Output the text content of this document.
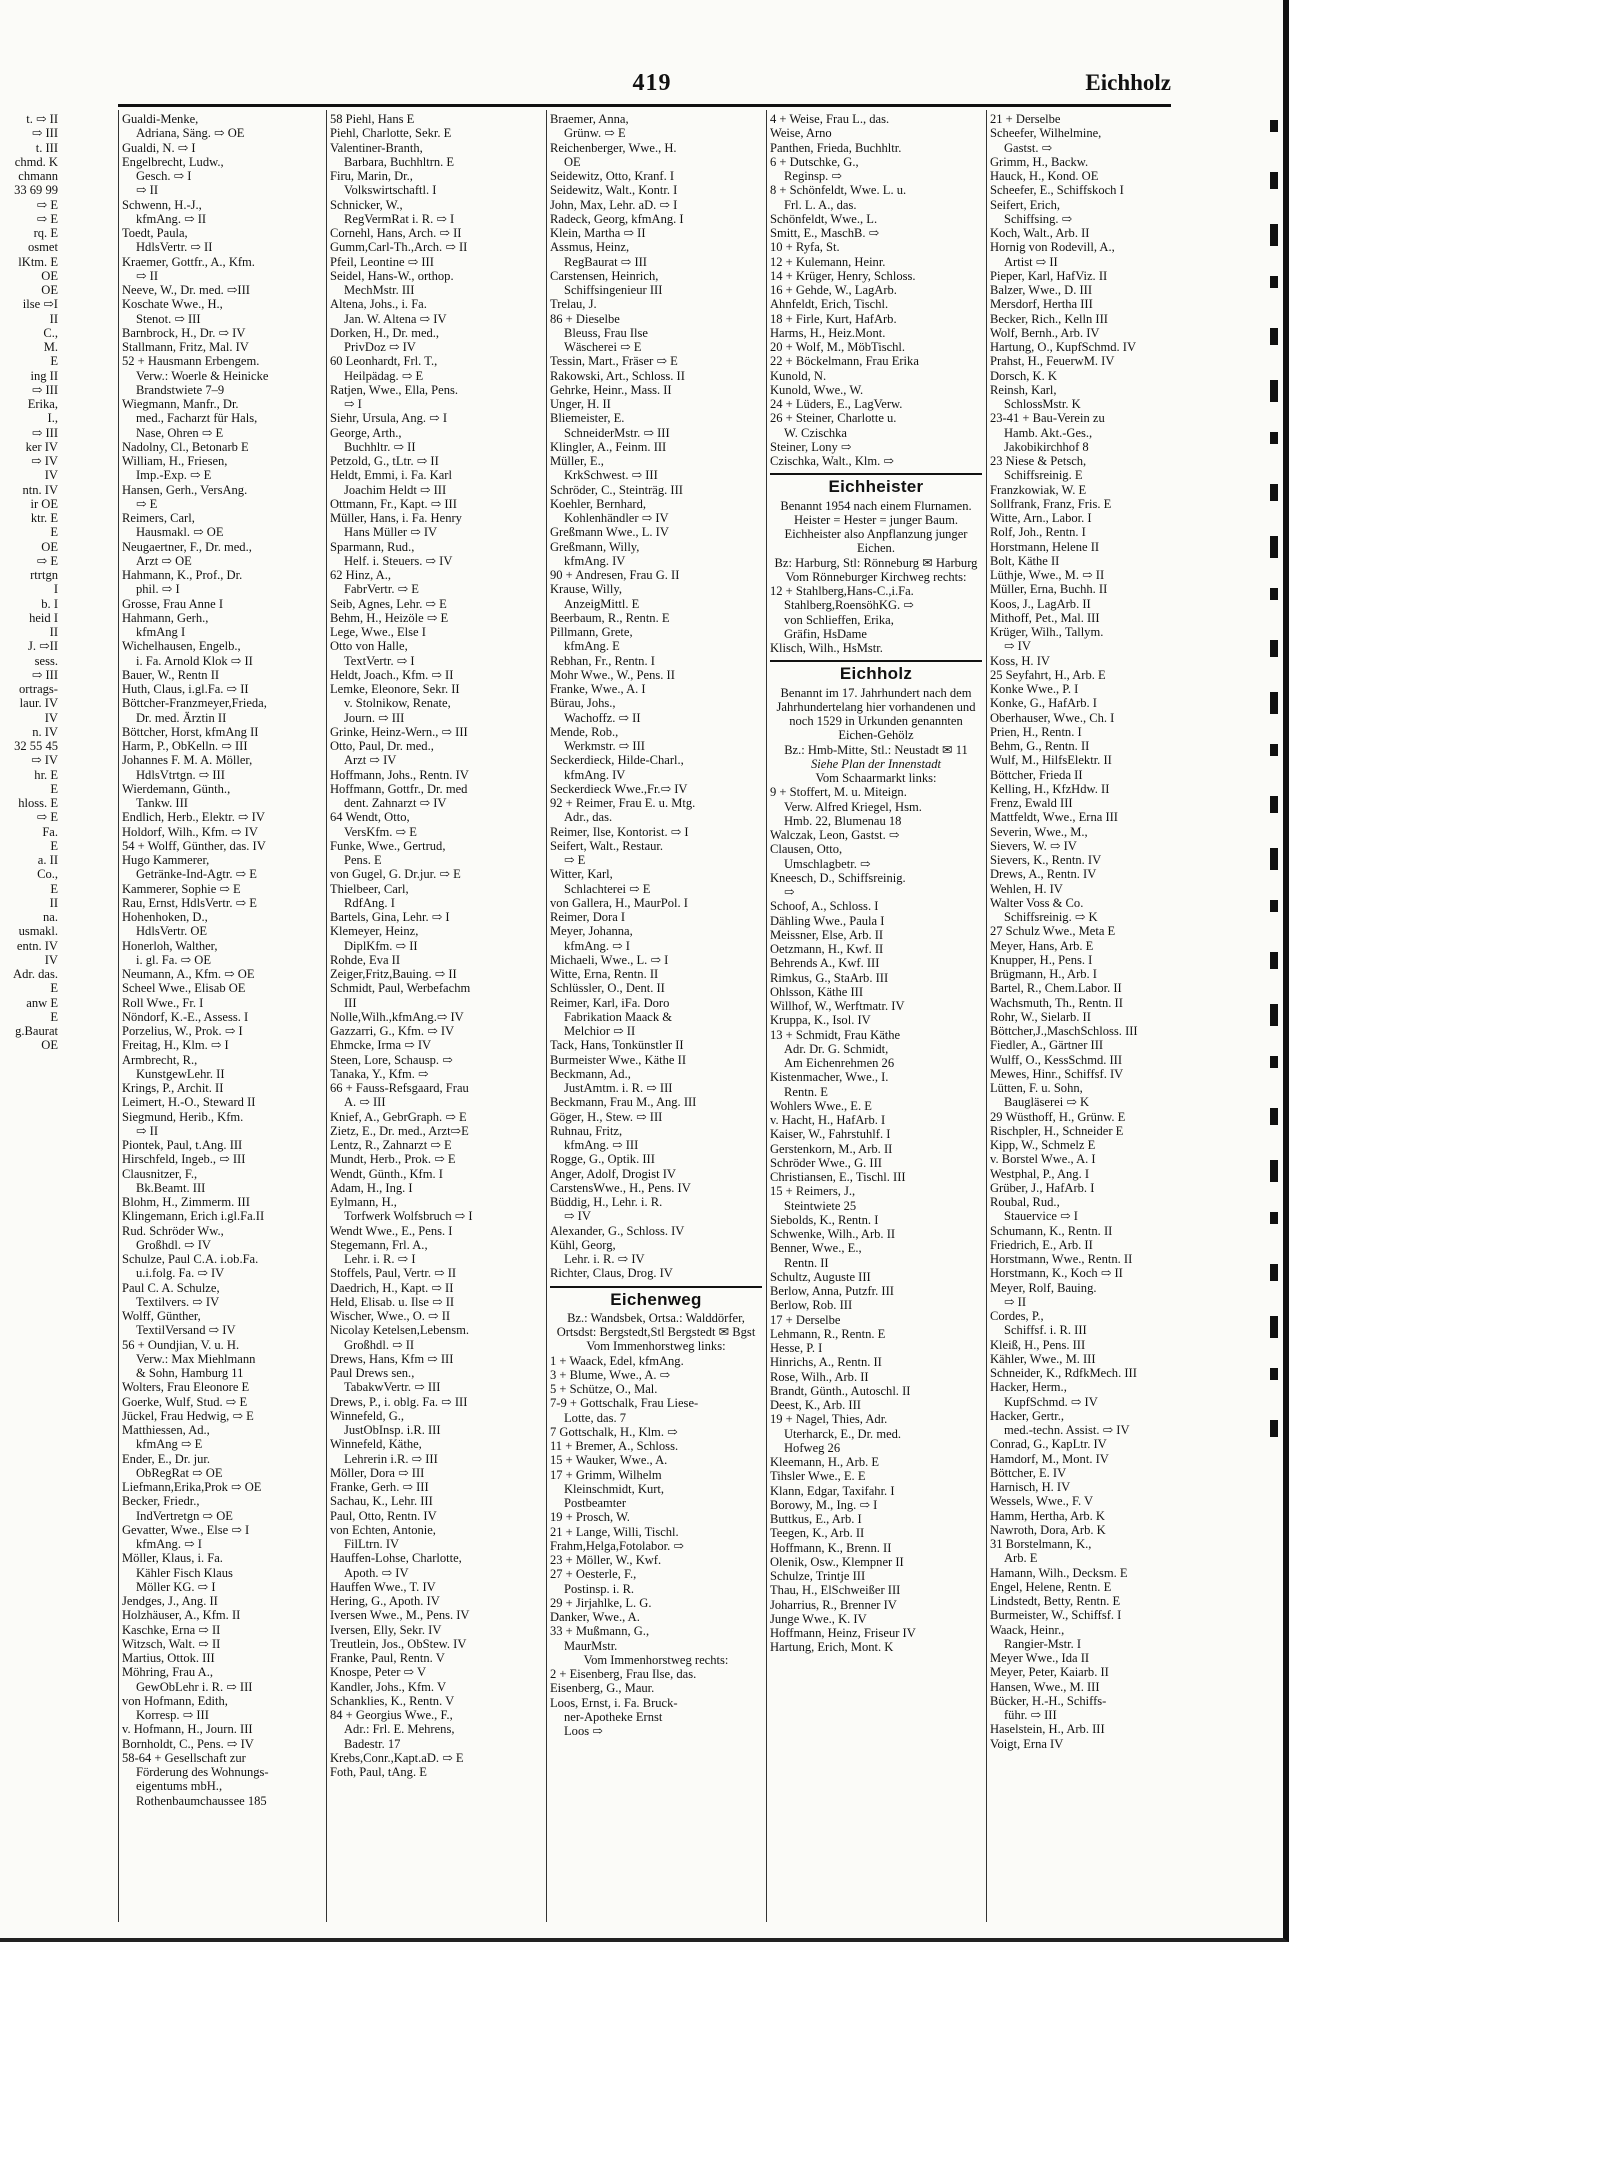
419	Eichholz
t. ⇨ II
⇨ III
t. III
chmd. K
chmann
33 69 99
⇨ E
⇨ E
rq. E
osmet
lKtm. E
OE
OE
ilse ⇨I
II
C.,
M.
E
ing II
⇨ III
Erika,
I.,
⇨ III
ker IV
⇨ IV
IV
ntn. IV
ir OE
ktr. E
E
OE
⇨ E
rtrtgn
I
b. I
heid I
II
J. ⇨II
sess.
⇨ III
ortrags-
laur. IV
IV
n. IV
32 55 45
⇨ IV
hr. E
E
hloss. E
⇨ E
Fa.
E
a. II
Co.,
E
II
na.
usmakl.
entn. IV
IV
Adr. das.
E
anw E
E
g.Baurat
OE
Gualdi-Menke,
Adriana, Säng. ⇨ OE
Gualdi, N. ⇨ I
Engelbrecht, Ludw.,
Gesch. ⇨ I
⇨ II
Schwenn, H.-J.,
kfmAng. ⇨ II
Toedt, Paula,
HdlsVertr. ⇨ II
Kraemer, Gottfr., A., Kfm.
⇨ II
Neeve, W., Dr. med. ⇨III
Koschate Wwe., H.,
Stenot. ⇨ III
Barnbrock, H., Dr. ⇨ IV
Stallmann, Fritz, Mal. IV
52 + Hausmann Erbengem.
Verw.: Woerle & Heinicke
Brandstwiete 7–9
Wiegmann, Manfr., Dr.
med., Facharzt für Hals,
Nase, Ohren ⇨ E
Nadolny, Cl., Betonarb E
William, H., Friesen,
Imp.-Exp. ⇨ E
Hansen, Gerh., VersAng.
⇨ E
Reimers, Carl,
Hausmakl. ⇨ OE
Neugaertner, F., Dr. med.,
Arzt ⇨ OE
Hahmann, K., Prof., Dr.
phil. ⇨ I
Grosse, Frau Anne I
Hahmann, Gerh.,
kfmAng I
Wichelhausen, Engelb.,
i. Fa. Arnold Klok ⇨ II
Bauer, W., Rentn II
Huth, Claus, i.gl.Fa. ⇨ II
Böttcher-Franzmeyer,Frieda,
Dr. med. Ärztin II
Böttcher, Horst, kfmAng II
Harm, P., ObKelln. ⇨ III
Johannes F. M. A. Möller,
HdlsVtrtgn. ⇨ III
Wierdemann, Günth.,
Tankw. III
Endlich, Herb., Elektr. ⇨ IV
Holdorf, Wilh., Kfm. ⇨ IV
54 + Wolff, Günther, das. IV
Hugo Kammerer,
Getränke-Ind-Agtr. ⇨ E
Kammerer, Sophie ⇨ E
Rau, Ernst, HdlsVertr. ⇨ E
Hohenhoken, D.,
HdlsVertr. OE
Honerloh, Walther,
i. gl. Fa. ⇨ OE
Neumann, A., Kfm. ⇨ OE
Scheel Wwe., Elisab OE
Roll Wwe., Fr. I
Nöndorf, K.-E., Assess. I
Porzelius, W., Prok. ⇨ I
Freitag, H., Klm. ⇨ I
Armbrecht, R.,
KunstgewLehr. II
Krings, P., Archit. II
Leimert, H.-O., Steward II
Siegmund, Herib., Kfm.
⇨ II
Piontek, Paul, t.Ang. III
Hirschfeld, Ingeb., ⇨ III
Clausnitzer, F.,
Bk.Beamt. III
Blohm, H., Zimmerm. III
Klingemann, Erich i.gl.Fa.II
Rud. Schröder Ww.,
Großhdl. ⇨ IV
Schulze, Paul C.A. i.ob.Fa.
u.i.folg. Fa. ⇨ IV
Paul C. A. Schulze,
Textilvers. ⇨ IV
Wolff, Günther,
TextilVersand ⇨ IV
56 + Oundjian, V. u. H.
Verw.: Max Miehlmann
& Sohn, Hamburg 11
Wolters, Frau Eleonore E
Goerke, Wulf, Stud. ⇨ E
Jückel, Frau Hedwig, ⇨ E
Matthiessen, Ad.,
kfmAng ⇨ E
Ender, E., Dr. jur.
ObRegRat ⇨ OE
Liefmann,Erika,Prok ⇨ OE
Becker, Friedr.,
IndVertretgn ⇨ OE
Gevatter, Wwe., Else ⇨ I
kfmAng. ⇨ I
Möller, Klaus, i. Fa.
Kähler Fisch Klaus
Möller KG. ⇨ I
Jendges, J., Ang. II
Holzhäuser, A., Kfm. II
Kaschke, Erna ⇨ II
Witzsch, Walt. ⇨ II
Martius, Ottok. III
Möhring, Frau A.,
GewObLehr i. R. ⇨ III
von Hofmann, Edith,
Korresp. ⇨ III
v. Hofmann, H., Journ. III
Bornholdt, C., Pens. ⇨ IV
58-64 + Gesellschaft zur
Förderung des Wohnungs-
eigentums mbH.,
Rothenbaumchaussee 185
58 Piehl, Hans E
Piehl, Charlotte, Sekr. E
Valentiner-Branth,
Barbara, Buchhltrn. E
Firu, Marin, Dr.,
Volkswirtschaftl. I
Schnicker, W.,
RegVermRat i. R. ⇨ I
Cornehl, Hans, Arch. ⇨ II
Gumm,Carl-Th.,Arch. ⇨ II
Pfeil, Leontine ⇨ III
Seidel, Hans-W., orthop.
MechMstr. III
Altena, Johs., i. Fa.
Jan. W. Altena ⇨ IV
Dorken, H., Dr. med.,
PrivDoz ⇨ IV
60 Leonhardt, Frl. T.,
Heilpädag. ⇨ E
Ratjen, Wwe., Ella, Pens.
⇨ I
Siehr, Ursula, Ang. ⇨ I
George, Arth.,
Buchhltr. ⇨ II
Petzold, G., tLtr. ⇨ II
Heldt, Emmi, i. Fa. Karl
Joachim Heldt ⇨ III
Ottmann, Fr., Kapt. ⇨ III
Müller, Hans, i. Fa. Henry
Hans Müller ⇨ IV
Sparmann, Rud.,
Helf. i. Steuers. ⇨ IV
62 Hinz, A.,
FabrVertr. ⇨ E
Seib, Agnes, Lehr. ⇨ E
Behm, H., Heizöle ⇨ E
Lege, Wwe., Else I
Otto von Halle,
TextVertr. ⇨ I
Heldt, Joach., Kfm. ⇨ II
Lemke, Eleonore, Sekr. II
v. Stolnikow, Renate,
Journ. ⇨ III
Grinke, Heinz-Wern., ⇨ III
Otto, Paul, Dr. med.,
Arzt ⇨ IV
Hoffmann, Johs., Rentn. IV
Hoffmann, Gottfr., Dr. med
dent. Zahnarzt ⇨ IV
64 Wendt, Otto,
VersKfm. ⇨ E
Funke, Wwe., Gertrud,
Pens. E
von Gugel, G. Dr.jur. ⇨ E
Thielbeer, Carl,
RdfAng. I
Bartels, Gina, Lehr. ⇨ I
Klemeyer, Heinz,
DiplKfm. ⇨ II
Rohde, Eva II
Zeiger,Fritz,Bauing. ⇨ II
Schmidt, Paul, Werbefachm
III
Nolle,Wilh.,kfmAng.⇨ IV
Gazzarri, G., Kfm. ⇨ IV
Ehmcke, Irma ⇨ IV
Steen, Lore, Schausp. ⇨
Tanaka, Y., Kfm. ⇨
66 + Fauss-Refsgaard, Frau
A. ⇨ III
Knief, A., GebrGraph. ⇨ E
Zietz, E., Dr. med., Arzt⇨E
Lentz, R., Zahnarzt ⇨ E
Mundt, Herb., Prok. ⇨ E
Wendt, Günth., Kfm. I
Adam, H., Ing. I
Eylmann, H.,
Torfwerk Wolfsbruch ⇨ I
Wendt Wwe., E., Pens. I
Stegemann, Frl. A.,
Lehr. i. R. ⇨ I
Stoffels, Paul, Vertr. ⇨ II
Daedrich, H., Kapt. ⇨ II
Held, Elisab. u. Ilse ⇨ II
Wischer, Wwe., O. ⇨ II
Nicolay Ketelsen,Lebensm.
Großhdl. ⇨ II
Drews, Hans, Kfm ⇨ III
Paul Drews sen.,
TabakwVertr. ⇨ III
Drews, P., i. oblg. Fa. ⇨ III
Winnefeld, G.,
JustObInsp. i.R. III
Winnefeld, Käthe,
Lehrerin i.R. ⇨ III
Möller, Dora ⇨ III
Franke, Gerh. ⇨ III
Sachau, K., Lehr. III
Paul, Otto, Rentn. IV
von Echten, Antonie,
FilLtrn. IV
Hauffen-Lohse, Charlotte,
Apoth. ⇨ IV
Hauffen Wwe., T. IV
Hering, G., Apoth. IV
Iversen Wwe., M., Pens. IV
Iversen, Elly, Sekr. IV
Treutlein, Jos., ObStew. IV
Franke, Paul, Rentn. V
Knospe, Peter ⇨ V
Kandler, Johs., Kfm. V
Schanklies, K., Rentn. V
84 + Georgius Wwe., F.,
Adr.: Frl. E. Mehrens,
Badestr. 17
Krebs,Conr.,Kapt.aD. ⇨ E
Foth, Paul, tAng. E
Braemer, Anna,
Grünw. ⇨ E
Reichenberger, Wwe., H.
OE
Seidewitz, Otto, Kranf. I
Seidewitz, Walt., Kontr. I
John, Max, Lehr. aD. ⇨ I
Radeck, Georg, kfmAng. I
Klein, Martha ⇨ II
Assmus, Heinz,
RegBaurat ⇨ III
Carstensen, Heinrich,
Schiffsingenieur III
Trelau, J.
86 + Dieselbe
Bleuss, Frau Ilse
Wäscherei ⇨ E
Tessin, Mart., Fräser ⇨ E
Rakowski, Art., Schloss. II
Gehrke, Heinr., Mass. II
Unger, H. II
Bliemeister, E.
SchneiderMstr. ⇨ III
Klingler, A., Feinm. III
Müller, E.,
KrkSchwest. ⇨ III
Schröder, C., Steinträg. III
Koehler, Bernhard,
Kohlenhändler ⇨ IV
Greßmann Wwe., L. IV
Greßmann, Willy,
kfmAng. IV
90 + Andresen, Frau G. II
Krause, Willy,
AnzeigMittl. E
Beerbaum, R., Rentn. E
Pillmann, Grete,
kfmAng. E
Rebhan, Fr., Rentn. I
Mohr Wwe., W., Pens. II
Franke, Wwe., A. I
Bürau, Johs.,
Wachoffz. ⇨ II
Mende, Rob.,
Werkmstr. ⇨ III
Seckerdieck, Hilde-Charl.,
kfmAng. IV
Seckerdieck Wwe.,Fr.⇨ IV
92 + Reimer, Frau E. u. Mtg.
Adr., das.
Reimer, Ilse, Kontorist. ⇨ I
Seifert, Walt., Restaur.
⇨ E
Witter, Karl,
Schlachterei ⇨ E
von Gallera, H., MaurPol. I
Reimer, Dora I
Meyer, Johanna,
kfmAng. ⇨ I
Michaeli, Wwe., L. ⇨ I
Witte, Erna, Rentn. II
Schlüssler, O., Dent. II
Reimer, Karl, iFa. Doro
Fabrikation Maack &
Melchior ⇨ II
Tack, Hans, Tonkünstler II
Burmeister Wwe., Käthe II
Beckmann, Ad.,
JustAmtm. i. R. ⇨ III
Beckmann, Frau M., Ang. III
Göger, H., Stew. ⇨ III
Ruhnau, Fritz,
kfmAng. ⇨ III
Rogge, G., Optik. III
Anger, Adolf, Drogist IV
CarstensWwe., H., Pens. IV
Büddig, H., Lehr. i. R.
⇨ IV
Alexander, G., Schloss. IV
Kühl, Georg,
Lehr. i. R. ⇨ IV
Richter, Claus, Drog. IV
Eichenweg
Bz.: Wandsbek, Ortsa.: Walddörfer, Ortsdst: Bergstedt,Stl Bergstedt ✉ Bgst
Vom Immenhorstweg links:
1 + Waack, Edel, kfmAng.
3 + Blume, Wwe., A. ⇨
5 + Schütze, O., Mal.
7-9 + Gottschalk, Frau Liese-
Lotte, das. 7
7 Gottschalk, H., Klm. ⇨
11 + Bremer, A., Schloss.
15 + Wauker, Wwe., A.
17 + Grimm, Wilhelm
Kleinschmidt, Kurt,
Postbeamter
19 + Prosch, W.
21 + Lange, Willi, Tischl.
Frahm,Helga,Fotolabor. ⇨
23 + Möller, W., Kwf.
27 + Oesterle, F.,
Postinsp. i. R.
29 + Jirjahlke, L. G.
Danker, Wwe., A.
33 + Mußmann, G.,
MaurMstr.
Vom Immenhorstweg rechts:
2 + Eisenberg, Frau Ilse, das.
Eisenberg, G., Maur.
Loos, Ernst, i. Fa. Bruck-
ner-Apotheke Ernst
Loos ⇨
4 + Weise, Frau L., das.
Weise, Arno
Panthen, Frieda, Buchhltr.
6 + Dutschke, G.,
Reginsp. ⇨
8 + Schönfeldt, Wwe. L. u.
Frl. L. A., das.
Schönfeldt, Wwe., L.
Smitt, E., MaschB. ⇨
10 + Ryfa, St.
12 + Kulemann, Heinr.
14 + Krüger, Henry, Schloss.
16 + Gehde, W., LagArb.
Ahnfeldt, Erich, Tischl.
18 + Firle, Kurt, HafArb.
Harms, H., Heiz.Mont.
20 + Wolf, M., MöbTischl.
22 + Böckelmann, Frau Erika
Kunold, N.
Kunold, Wwe., W.
24 + Lüders, E., LagVerw.
26 + Steiner, Charlotte u.
W. Czischka
Steiner, Lony ⇨
Czischka, Walt., Klm. ⇨
Eichheister
Benannt 1954 nach einem Flurnamen. Heister = Hester = junger Baum. Eichheister also Anpflanzung junger Eichen.
Bz: Harburg, Stl: Rönneburg ✉ Harburg
Vom Rönneburger Kirchweg rechts:
12 + Stahlberg,Hans-C.,i.Fa.
Stahlberg,RoensöhKG. ⇨
von Schlieffen, Erika,
Gräfin, HsDame
Klisch, Wilh., HsMstr.
Eichholz
Benannt im 17. Jahrhundert nach dem Jahrhundertelang hier vorhandenen und noch 1529 in Urkunden genannten Eichen-Gehölz
Bz.: Hmb-Mitte, Stl.: Neustadt ✉ 11
Siehe Plan der Innenstadt
Vom Schaarmarkt links:
9 + Stoffert, M. u. Miteign.
Verw. Alfred Kriegel, Hsm.
Hmb. 22, Blumenau 18
Walczak, Leon, Gastst. ⇨
Clausen, Otto,
Umschlagbetr. ⇨
Kneesch, D., Schiffsreinig.
⇨
Schoof, A., Schloss. I
Dähling Wwe., Paula I
Meissner, Else, Arb. II
Oetzmann, H., Kwf. II
Behrends A., Kwf. III
Rimkus, G., StaArb. III
Ohlsson, Käthe III
Willhof, W., Werftmatr. IV
Kruppa, K., Isol. IV
13 + Schmidt, Frau Käthe
Adr. Dr. G. Schmidt,
Am Eichenrehmen 26
Kistenmacher, Wwe., I.
Rentn. E
Wohlers Wwe., E. E
v. Hacht, H., HafArb. I
Kaiser, W., Fahrstuhlf. I
Gerstenkorn, M., Arb. II
Schröder Wwe., G. III
Christiansen, E., Tischl. III
15 + Reimers, J.,
Steintwiete 25
Siebolds, K., Rentn. I
Schwenke, Wilh., Arb. II
Benner, Wwe., E.,
Rentn. II
Schultz, Auguste III
Berlow, Anna, Putzfr. III
Berlow, Rob. III
17 + Derselbe
Lehmann, R., Rentn. E
Hesse, P. I
Hinrichs, A., Rentn. II
Rose, Wilh., Arb. II
Brandt, Günth., Autoschl. II
Deest, K., Arb. III
19 + Nagel, Thies, Adr.
Uterharck, E., Dr. med.
Hofweg 26
Kleemann, H., Arb. E
Tihsler Wwe., E. E
Klann, Edgar, Taxifahr. I
Borowy, M., Ing. ⇨ I
Buttkus, E., Arb. I
Teegen, K., Arb. II
Hoffmann, K., Brenn. II
Olenik, Osw., Klempner II
Schulze, Trintje III
Thau, H., ElSchweißer III
Joharrius, R., Brenner IV
Junge Wwe., K. IV
Hoffmann, Heinz, Friseur IV
Hartung, Erich, Mont. K
21 + Derselbe
Scheefer, Wilhelmine,
Gastst. ⇨
Grimm, H., Backw.
Hauck, H., Kond. OE
Scheefer, E., Schiffskoch I
Seifert, Erich,
Schiffsing. ⇨
Koch, Walt., Arb. II
Hornig von Rodevill, A.,
Artist ⇨ II
Pieper, Karl, HafViz. II
Balzer, Wwe., D. III
Mersdorf, Hertha III
Becker, Rich., Kelln III
Wolf, Bernh., Arb. IV
Hartung, O., KupfSchmd. IV
Prahst, H., FeuerwM. IV
Dorsch, K. K
Reinsh, Karl,
SchlossMstr. K
23-41 + Bau-Verein zu
Hamb. Akt.-Ges.,
Jakobikirchhof 8
23 Niese & Petsch,
Schiffsreinig. E
Franzkowiak, W. E
Sollfrank, Franz, Fris. E
Witte, Arn., Labor. I
Rolf, Joh., Rentn. I
Horstmann, Helene II
Bolt, Käthe II
Lüthje, Wwe., M. ⇨ II
Müller, Erna, Buchh. II
Koos, J., LagArb. II
Mithoff, Pet., Mal. III
Krüger, Wilh., Tallym.
⇨ IV
Koss, H. IV
25 Seyfahrt, H., Arb. E
Konke Wwe., P. I
Konke, G., HafArb. I
Oberhauser, Wwe., Ch. I
Prien, H., Rentn. I
Behm, G., Rentn. II
Wulf, M., HilfsElektr. II
Böttcher, Frieda II
Kelling, H., KfzHdw. II
Frenz, Ewald III
Mattfeldt, Wwe., Erna III
Severin, Wwe., M.,
Sievers, W. ⇨ IV
Sievers, K., Rentn. IV
Drews, A., Rentn. IV
Wehlen, H. IV
Walter Voss & Co.
Schiffsreinig. ⇨ K
27 Schulz Wwe., Meta E
Meyer, Hans, Arb. E
Knupper, H., Pens. I
Brügmann, H., Arb. I
Bartel, R., Chem.Labor. II
Wachsmuth, Th., Rentn. II
Rohr, W., Sielarb. II
Böttcher,J.,MaschSchloss. III
Fiedler, A., Gärtner III
Wulff, O., KessSchmd. III
Mewes, Hinr., Schiffsf. IV
Lütten, F. u. Sohn,
Baugläserei ⇨ K
29 Wüsthoff, H., Grünw. E
Rischpler, H., Schneider E
Kipp, W., Schmelz E
v. Borstel Wwe., A. I
Westphal, P., Ang. I
Grüber, J., HafArb. I
Roubal, Rud.,
Stauervice ⇨ I
Schumann, K., Rentn. II
Friedrich, E., Arb. II
Horstmann, Wwe., Rentn. II
Horstmann, K., Koch ⇨ II
Meyer, Rolf, Bauing.
⇨ II
Cordes, P.,
Schiffsf. i. R. III
Kleiß, H., Pens. III
Kähler, Wwe., M. III
Schneider, K., RdfkMech. III
Hacker, Herm.,
KupfSchmd. ⇨ IV
Hacker, Gertr.,
med.-techn. Assist. ⇨ IV
Conrad, G., KapLtr. IV
Hamdorf, M., Mont. IV
Böttcher, E. IV
Harnisch, H. IV
Wessels, Wwe., F. V
Hamm, Hertha, Arb. K
Nawroth, Dora, Arb. K
31 Borstelmann, K.,
Arb. E
Hamann, Wilh., Decksm. E
Engel, Helene, Rentn. E
Lindstedt, Betty, Rentn. E
Burmeister, W., Schiffsf. I
Waack, Heinr.,
Rangier-Mstr. I
Meyer Wwe., Ida II
Meyer, Peter, Kaiarb. II
Hansen, Wwe., M. III
Bücker, H.-H., Schiffs-
führ. ⇨ III
Haselstein, H., Arb. III
Voigt, Erna IV
